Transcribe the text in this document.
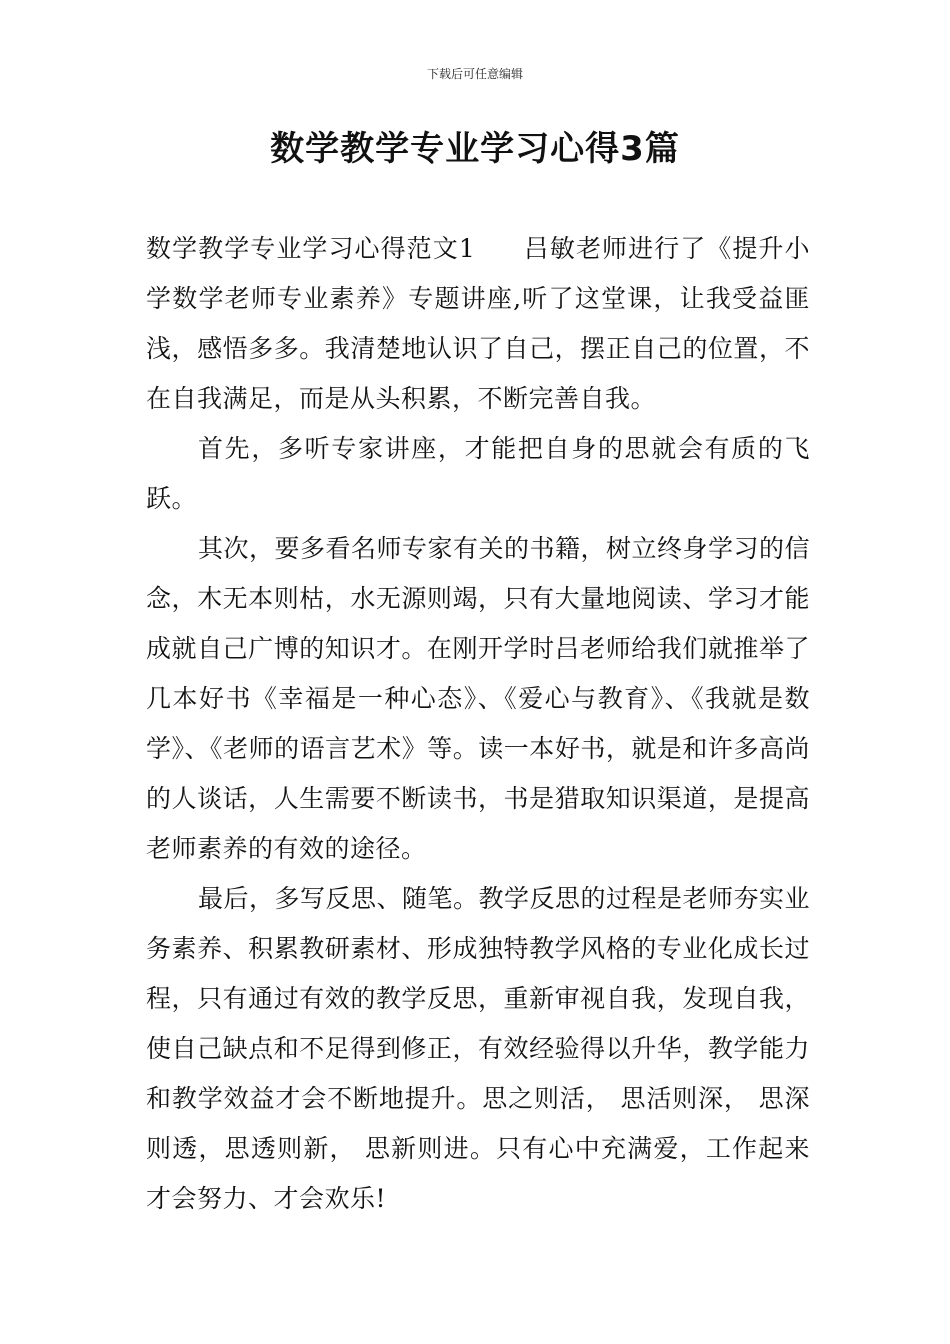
下载后可任意编辑
数学教学专业学习心得3篇

数学教学专业学习心得范文1 吕敏老师进行了《提升小学数学老师专业素养》专题讲座,听了这堂课，让我受益匪浅，感悟多多。我清楚地认识了自己，摆正自己的位置，不在自我满足，而是从头积累，不断完善自我。

首先，多听专家讲座，才能把自身的思就会有质的飞跃。

其次，要多看名师专家有关的书籍，树立终身学习的信念，木无本则枯，水无源则竭，只有大量地阅读、学习才能成就自己广博的知识才。在刚开学时吕老师给我们就推举了几本好书《幸福是一种心态》、《爱心与教育》、《我就是数学》、《老师的语言艺术》等。读一本好书，就是和许多高尚的人谈话，人生需要不断读书，书是猎取知识渠道，是提高老师素养的有效的途径。

最后，多写反思、随笔。教学反思的过程是老师夯实业务素养、积累教研素材、形成独特教学风格的专业化成长过程，只有通过有效的教学反思，重新审视自我，发现自我，使自己缺点和不足得到修正，有效经验得以升华，教学能力和教学效益才会不断地提升。思之则活， 思活则深， 思深则透，思透则新， 思新则进。只有心中充满爱，工作起来才会努力、才会欢乐!
